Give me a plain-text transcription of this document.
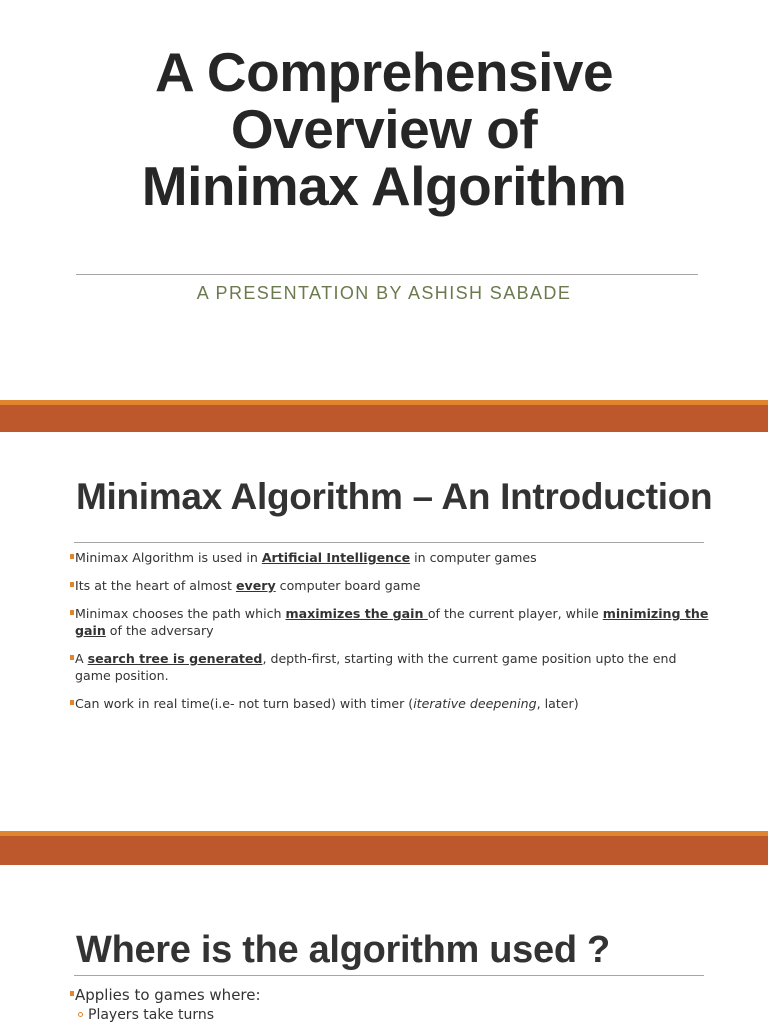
A Comprehensive
Overview of
Minimax Algorithm
A PRESENTATION BY ASHISH SABADE
Minimax Algorithm – An Introduction
Minimax Algorithm is used in Artificial Intelligence in computer games
Its at the heart of almost every computer board game
Minimax chooses the path which maximizes the gain of the current player, while minimizing the gain of the adversary
A search tree is generated, depth-first, starting with the current game position upto the end game position.
Can work in real time(i.e- not turn based) with timer (iterative deepening, later)
Where is the algorithm used ?
Applies to games where:
Players take turns
